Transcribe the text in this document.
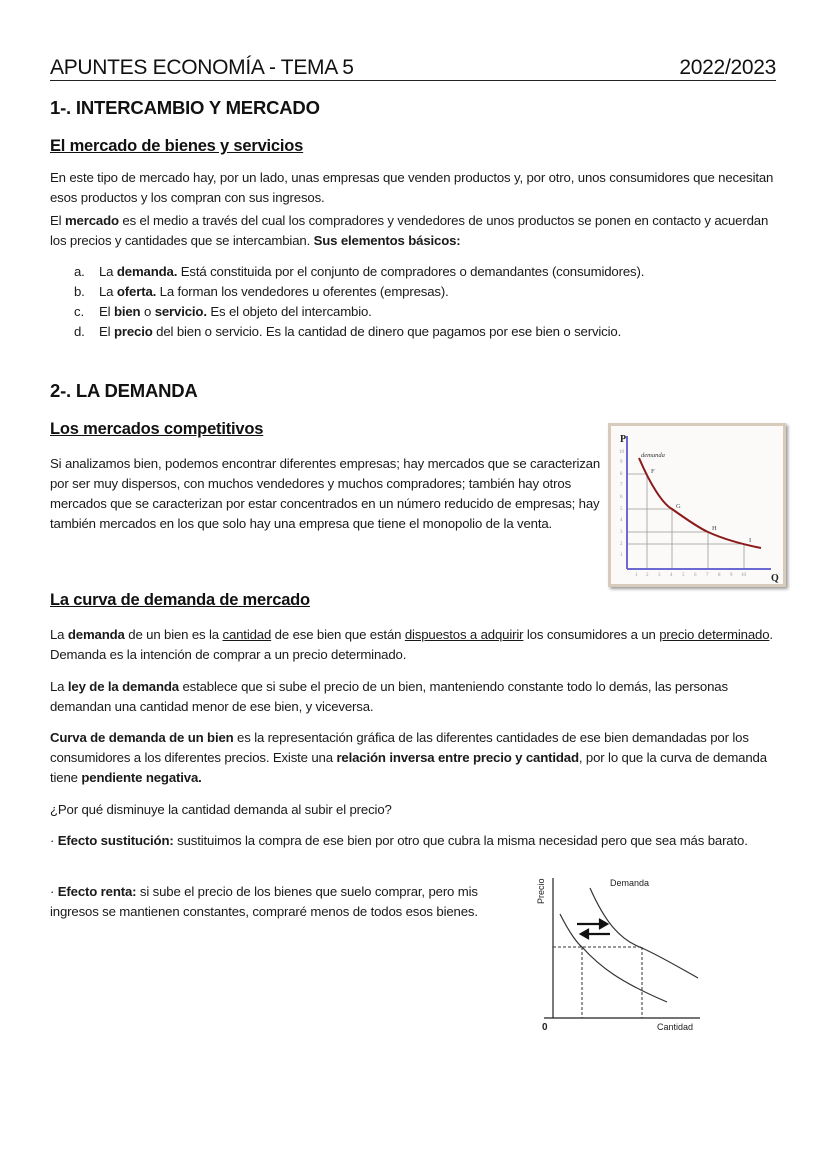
APUNTES ECONOMÍA - TEMA 5	2022/2023
1-. INTERCAMBIO Y MERCADO
El mercado de bienes y servicios

En este tipo de mercado hay, por un lado, unas empresas que venden productos y, por otro, unos consumidores que necesitan esos productos y los compran con sus ingresos.

El mercado es el medio a través del cual los compradores y vendedores de unos productos se ponen en contacto y acuerdan los precios y cantidades que se intercambian. Sus elementos básicos:

a.	La demanda. Está constituida por el conjunto de compradores o demandantes (consumidores).
b.	La oferta. La forman los vendedores u oferentes (empresas).
c.	El bien o servicio. Es el objeto del intercambio.
d.	El precio del bien o servicio. Es la cantidad de dinero que pagamos por ese bien o servicio.
2-. LA DEMANDA
Los mercados competitivos

Si analizamos bien, podemos encontrar diferentes empresas; hay mercados que se caracterizan por ser muy dispersos, con muchos vendedores y muchos compradores; también hay otros mercados que se caracterizan por estar concentrados en un número reducido de empresas; hay también mercados en los que solo hay una empresa que tiene el monopolio de la venta.

P
Q
10
9
8
7
6
5
4
3
2
1
1 2 3 4 5 6 7 8 9 10
demanda
F
G
H
I
La curva de demanda de mercado

La demanda de un bien es la cantidad de ese bien que están dispuestos a adquirir los consumidores a un precio determinado. Demanda es la intención de comprar a un precio determinado.

La ley de la demanda establece que si sube el precio de un bien, manteniendo constante todo lo demás, las personas demandan una cantidad menor de ese bien, y viceversa.

Curva de demanda de un bien es la representación gráfica de las diferentes cantidades de ese bien demandadas por los consumidores a los diferentes precios. Existe una relación inversa entre precio y cantidad, por lo que la curva de demanda tiene pendiente negativa.

¿Por qué disminuye la cantidad demanda al subir el precio?

· Efecto sustitución: sustituimos la compra de ese bien por otro que cubra la misma necesidad pero que sea más barato.

· Efecto renta: si sube el precio de los bienes que suelo comprar, pero mis ingresos se mantienen constantes, compraré menos de todos esos bienes.

Precio
Cantidad
0
Demanda
